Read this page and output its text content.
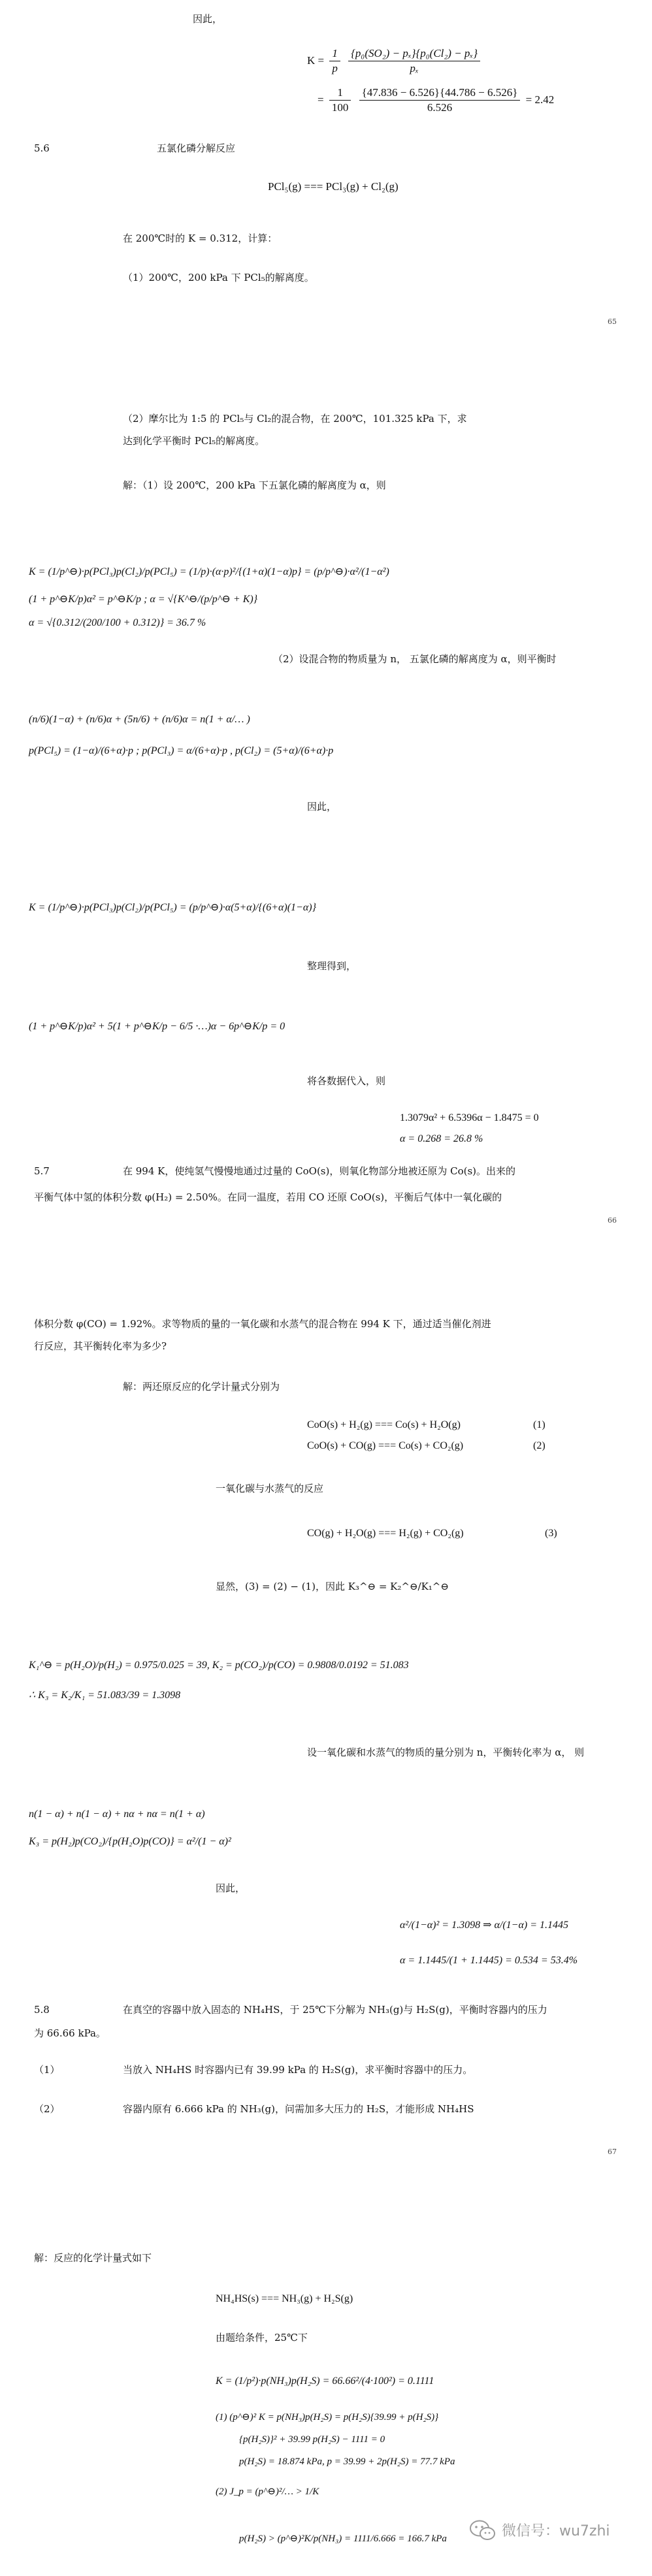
因此，
$K = \frac{1}{p}$
$\frac{\text{\{p₀(SO₂) − pₓ\}\{p₀(Cl₂) − pₓ\}}}{\text{pₓ}}$
= $\frac{1}{100}$
$\frac{\{47.836 - 6.526\}\{44.786 - 6.526\}}{6.526} = 2.42$
5.6	五氯化磷分解反应
PCl₅(g) === PCl₃(g) + Cl₂(g)
在 200℃时的 K = 0.312，计算：
（1）200℃，200 kPa 下 PCl₅的解离度。
65
（2）摩尔比为 1:5 的 PCl₅与 Cl₂的混合物，在 200℃，101.325 kPa 下，求
达到化学平衡时 PCl₅的解离度。
解：（1）设 200℃，200 kPa 下五氯化磷的解离度为 α，则
K = (1/p^⊖)·p(PCl₃)p(Cl₂)/p(PCl₅) = (1/p)·(α·p)²/{(1+α)(1−α)p} = (p/p^⊖)·α²/(1−α²)
(1 + p^⊖K/p)α² = p^⊖K/p ; α = √{K^⊖/(p/p^⊖ + K)}
α = √{0.312/(200/100 + 0.312)} = 36.7 %
（2）设混合物的物质量为 n， 五氯化磷的解离度为 α，则平衡时
(n/6)(1−α) + (n/6)α + (5n/6) + (n/6)α = n(1 + α/… )
p(PCl₅) = (1−α)/(6+α)·p ; p(PCl₃) = α/(6+α)·p , p(Cl₂) = (5+α)/(6+α)·p
因此，
K = (1/p^⊖)·p(PCl₃)p(Cl₂)/p(PCl₅) = (p/p^⊖)·α(5+α)/{(6+α)(1−α)}
整理得到，
(1 + p^⊖K/p)α² + 5(1 + p^⊖K/p − 6/5 ·…)α − 6p^⊖K/p = 0
将各数据代入，则
1.3079α² + 6.5396α − 1.8475 = 0
α = 0.268 = 26.8 %
5.7	在 994 K，使纯氢气慢慢地通过过量的 CoO(s)，则氧化物部分地被还原为 Co(s)。出来的
平衡气体中氢的体积分数 φ(H₂) = 2.50%。在同一温度，若用 CO 还原 CoO(s)，平衡后气体中一氧化碳的
66
体积分数 φ(CO) = 1.92%。求等物质的量的一氧化碳和水蒸气的混合物在 994 K 下，通过适当催化剂进
行反应，其平衡转化率为多少?
解：两还原反应的化学计量式分别为
CoO(s) + H₂(g) === Co(s) + H₂O(g)	(1)
CoO(s) + CO(g) === Co(s) + CO₂(g)	(2)
一氧化碳与水蒸气的反应
CO(g) + H₂O(g) === H₂(g) + CO₂(g)	(3)
显然，(3) = (2) − (1)，因此 K₃^⊖ = K₂^⊖/K₁^⊖
K₁^⊖ = p(H₂O)/p(H₂) = 0.975/0.025 = 39, K₂ = p(CO₂)/p(CO) = 0.9808/0.0192 = 51.083
∴ K₃ = K₂/K₁ = 51.083/39 = 1.3098
设一氧化碳和水蒸气的物质的量分别为 n，平衡转化率为 α， 则
n(1 − α) + n(1 − α) + nα + nα = n(1 + α)
K₃ = p(H₂)p(CO₂)/{p(H₂O)p(CO)} = α²/(1 − α)²
因此，
α²/(1−α)² = 1.3098 ⇒ α/(1−α) = 1.1445
α = 1.1445/(1 + 1.1445) = 0.534 = 53.4%
5.8	在真空的容器中放入固态的 NH₄HS，于 25℃下分解为 NH₃(g)与 H₂S(g)，平衡时容器内的压力
为 66.66 kPa。
（1）	当放入 NH₄HS 时容器内已有 39.99 kPa 的 H₂S(g)，求平衡时容器中的压力。
（2）	容器内原有 6.666 kPa 的 NH₃(g)，问需加多大压力的 H₂S，才能形成 NH₄HS
67
解：反应的化学计量式如下
NH₄HS(s) === NH₃(g) + H₂S(g)
由题给条件，25℃下
K = (1/p²)·p(NH₃)p(H₂S) = 66.66²/(4·100²) = 0.1111
(1) (p^⊖)² K = p(NH₃)p(H₂S) = p(H₂S){39.99 + p(H₂S)}
{p(H₂S)}² + 39.99 p(H₂S) − 1111 = 0
p(H₂S) = 18.874 kPa, p = 39.99 + 2p(H₂S) = 77.7 kPa
(2) J_p = (p^⊖)²/… > 1/K
p(H₂S) > (p^⊖)²K/p(NH₃) = 1111/6.666 = 166.7 kPa	微信号：wu7zhi
